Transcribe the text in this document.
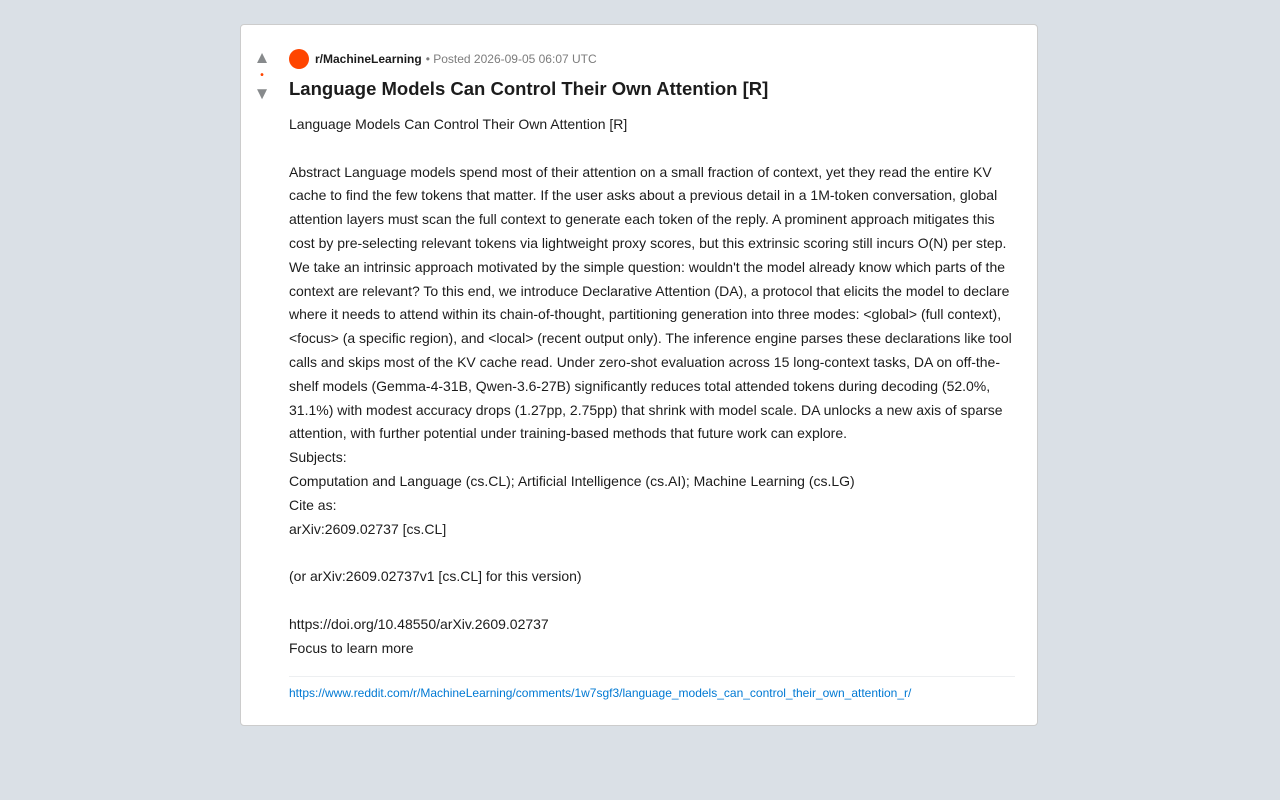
▲
•
▼
r/MachineLearning • Posted 2026-09-05 06:07 UTC
Language Models Can Control Their Own Attention [R]

Language Models Can Control Their Own Attention [R]

Abstract Language models spend most of their attention on a small fraction of context, yet they read the entire KV cache to find the few tokens that matter. If the user asks about a previous detail in a 1M-token conversation, global attention layers must scan the full context to generate each token of the reply. A prominent approach mitigates this cost by pre-selecting relevant tokens via lightweight proxy scores, but this extrinsic scoring still incurs O(N) per step. We take an intrinsic approach motivated by the simple question: wouldn't the model already know which parts of the context are relevant? To this end, we introduce Declarative Attention (DA), a protocol that elicits the model to declare where it needs to attend within its chain-of-thought, partitioning generation into three modes: <global> (full context), <focus> (a specific region), and <local> (recent output only). The inference engine parses these declarations like tool calls and skips most of the KV cache read. Under zero-shot evaluation across 15 long-context tasks, DA on off-the-shelf models (Gemma-4-31B, Qwen-3.6-27B) significantly reduces total attended tokens during decoding (52.0%, 31.1%) with modest accuracy drops (1.27pp, 2.75pp) that shrink with model scale. DA unlocks a new axis of sparse attention, with further potential under training-based methods that future work can explore.

Subjects:

Computation and Language (cs.CL); Artificial Intelligence (cs.AI); Machine Learning (cs.LG)

Cite as:

arXiv:2609.02737 [cs.CL]

(or arXiv:2609.02737v1 [cs.CL] for this version)

https://doi.org/10.48550/arXiv.2609.02737

Focus to learn more

https://www.reddit.com/r/MachineLearning/comments/1w7sgf3/language_models_can_control_their_own_attention_r/
